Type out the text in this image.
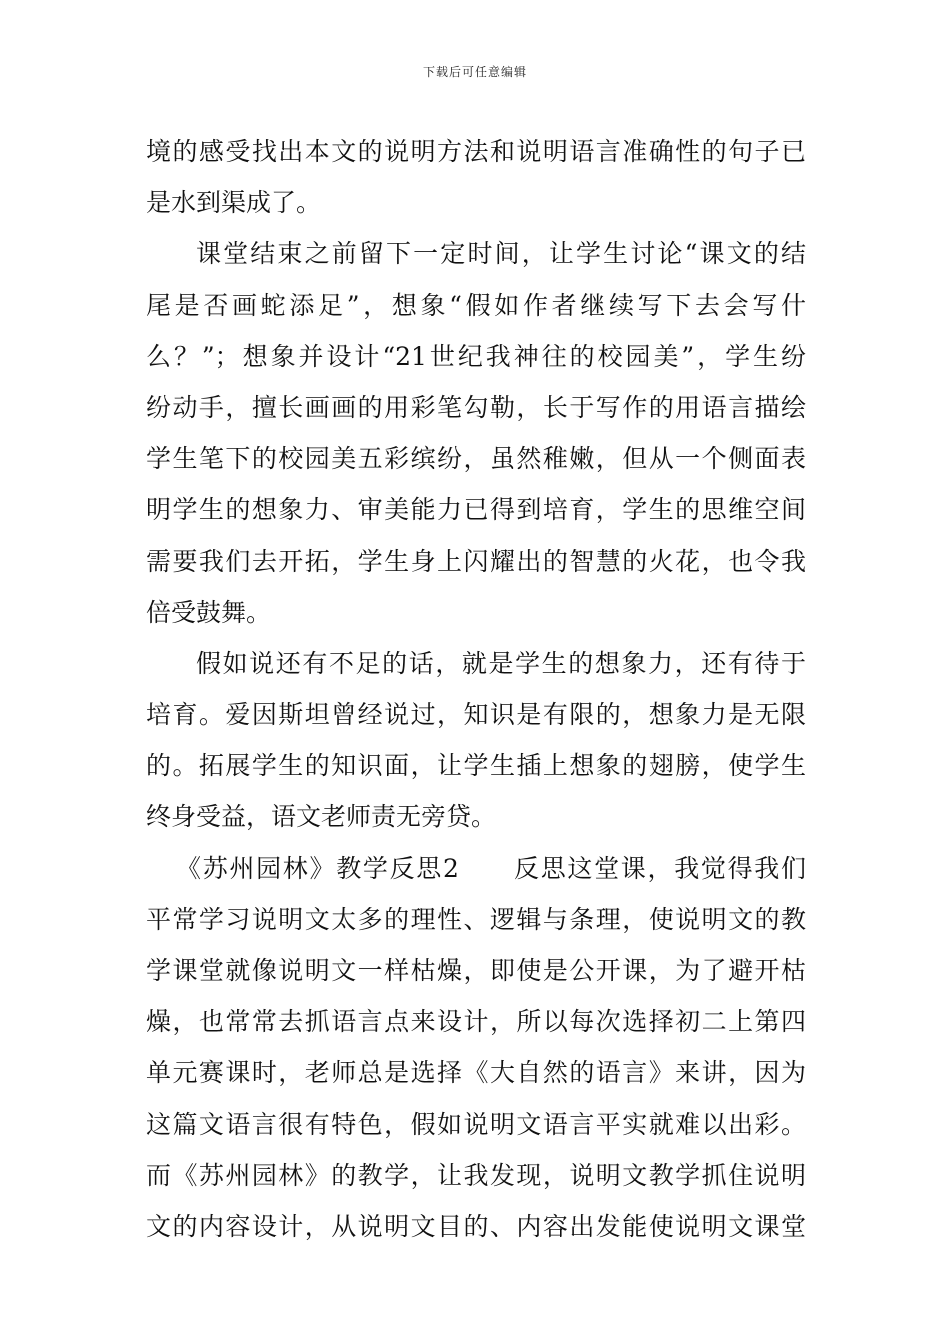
下载后可任意编辑
境的感受找出本文的说明方法和说明语言准确性的句子已
是水到渠成了。
课堂结束之前留下一定时间，让学生讨论“课文的结
尾是否画蛇添足”，想象“假如作者继续写下去会写什
么？”；想象并设计“21世纪我神往的校园美”，学生纷
纷动手，擅长画画的用彩笔勾勒，长于写作的用语言描绘
学生笔下的校园美五彩缤纷，虽然稚嫩，但从一个侧面表
明学生的想象力、审美能力已得到培育，学生的思维空间
需要我们去开拓，学生身上闪耀出的智慧的火花，也令我
倍受鼓舞。
假如说还有不足的话，就是学生的想象力，还有待于
培育。爱因斯坦曾经说过，知识是有限的，想象力是无限
的。拓展学生的知识面，让学生插上想象的翅膀，使学生
终身受益，语文老师责无旁贷。
《苏州园林》教学反思2　　反思这堂课，我觉得我们
平常学习说明文太多的理性、逻辑与条理，使说明文的教
学课堂就像说明文一样枯燥，即使是公开课，为了避开枯
燥，也常常去抓语言点来设计，所以每次选择初二上第四
单元赛课时，老师总是选择《大自然的语言》来讲，因为
这篇文语言很有特色，假如说明文语言平实就难以出彩。
而《苏州园林》的教学，让我发现，说明文教学抓住说明
文的内容设计，从说明文目的、内容出发能使说明文课堂
